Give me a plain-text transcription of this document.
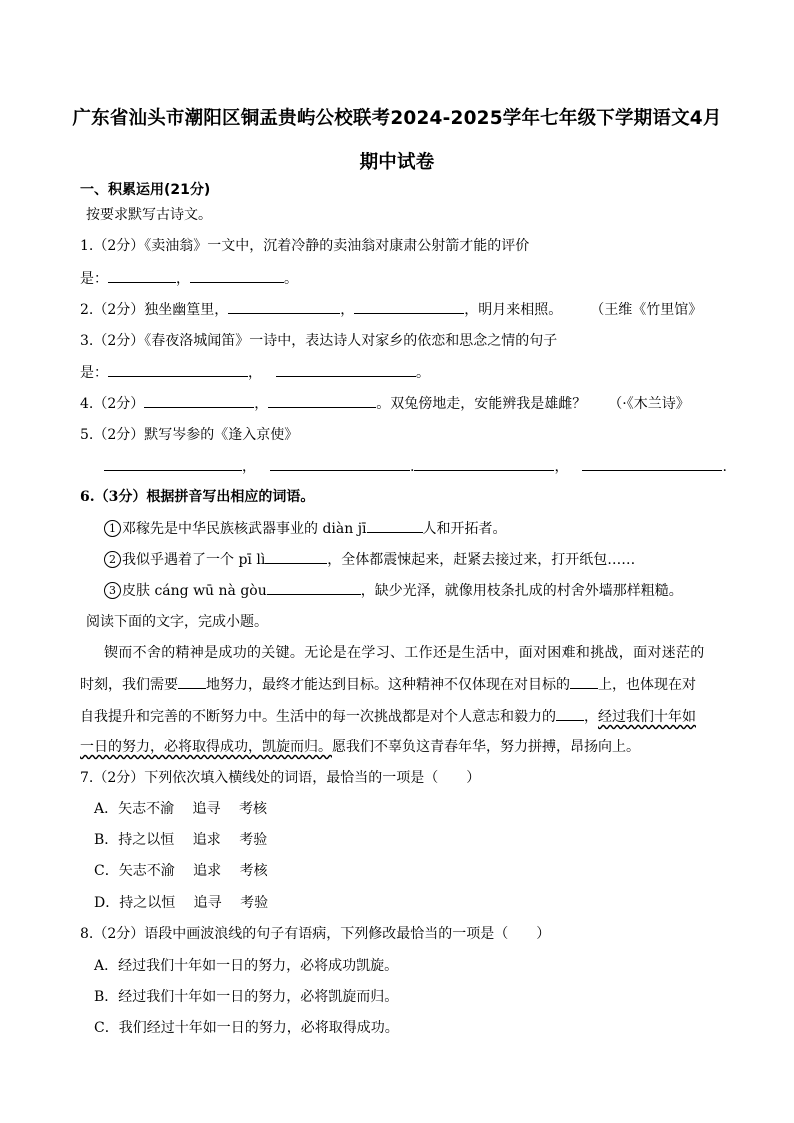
广东省汕头市潮阳区铜盂贵屿公校联考2024-2025学年七年级下学期语文4月
期中试卷
一、积累运用(21分)
按要求默写古诗文。
1.（2分）《卖油翁》一文中，沉着冷静的卖油翁对康肃公射箭才能的评价
是：	，	。
2.（2分）独坐幽篁里，	，	，明月来相照。 （王维《竹里馆》
3.（2分）《春夜洛城闻笛》一诗中，表达诗人对家乡的依恋和思念之情的句子
是：	，	。
4.（2分）	，	。双兔傍地走，安能辨我是雄雌？ （·《木兰诗》
5.（2分）默写岑参的《逢入京使》
，	.	，	.
6.（3分）根据拼音写出相应的词语。
1 邓稼先是中华民族核武器事业的 diàn jī	人和开拓者。
2 我似乎遇着了一个 pī lì	，全体都震悚起来，赶紧去接过来，打开纸包……
3 皮肤 cáng wū nà gòu	，缺少光泽，就像用枝条扎成的村舍外墙那样粗糙。
阅读下面的文字，完成小题。
锲而不舍的精神是成功的关键。无论是在学习、工作还是生活中，面对困难和挑战，面对迷茫的
时刻，我们需要 地努力，最终才能达到目标。这种精神不仅体现在对目标的 上，也体现在对
自我提升和完善的不断努力中。生活中的每一次挑战都是对个人意志和毅力的 ，经过我们十年如
一日的努力，必将取得成功，凯旋而归。愿我们不辜负这青春年华，努力拼搏，昂扬向上。
7.（2分）下列依次填入横线处的词语，最恰当的一项是（　　）
A．矢志不渝　 追寻　 考核
B．持之以恒　 追求　 考验
C．矢志不渝　 追求　 考核
D．持之以恒　 追寻　 考验
8.（2分）语段中画波浪线的句子有语病，下列修改最恰当的一项是（　　）
A．经过我们十年如一日的努力，必将成功凯旋。
B．经过我们十年如一日的努力，必将凯旋而归。
C．我们经过十年如一日的努力，必将取得成功。
